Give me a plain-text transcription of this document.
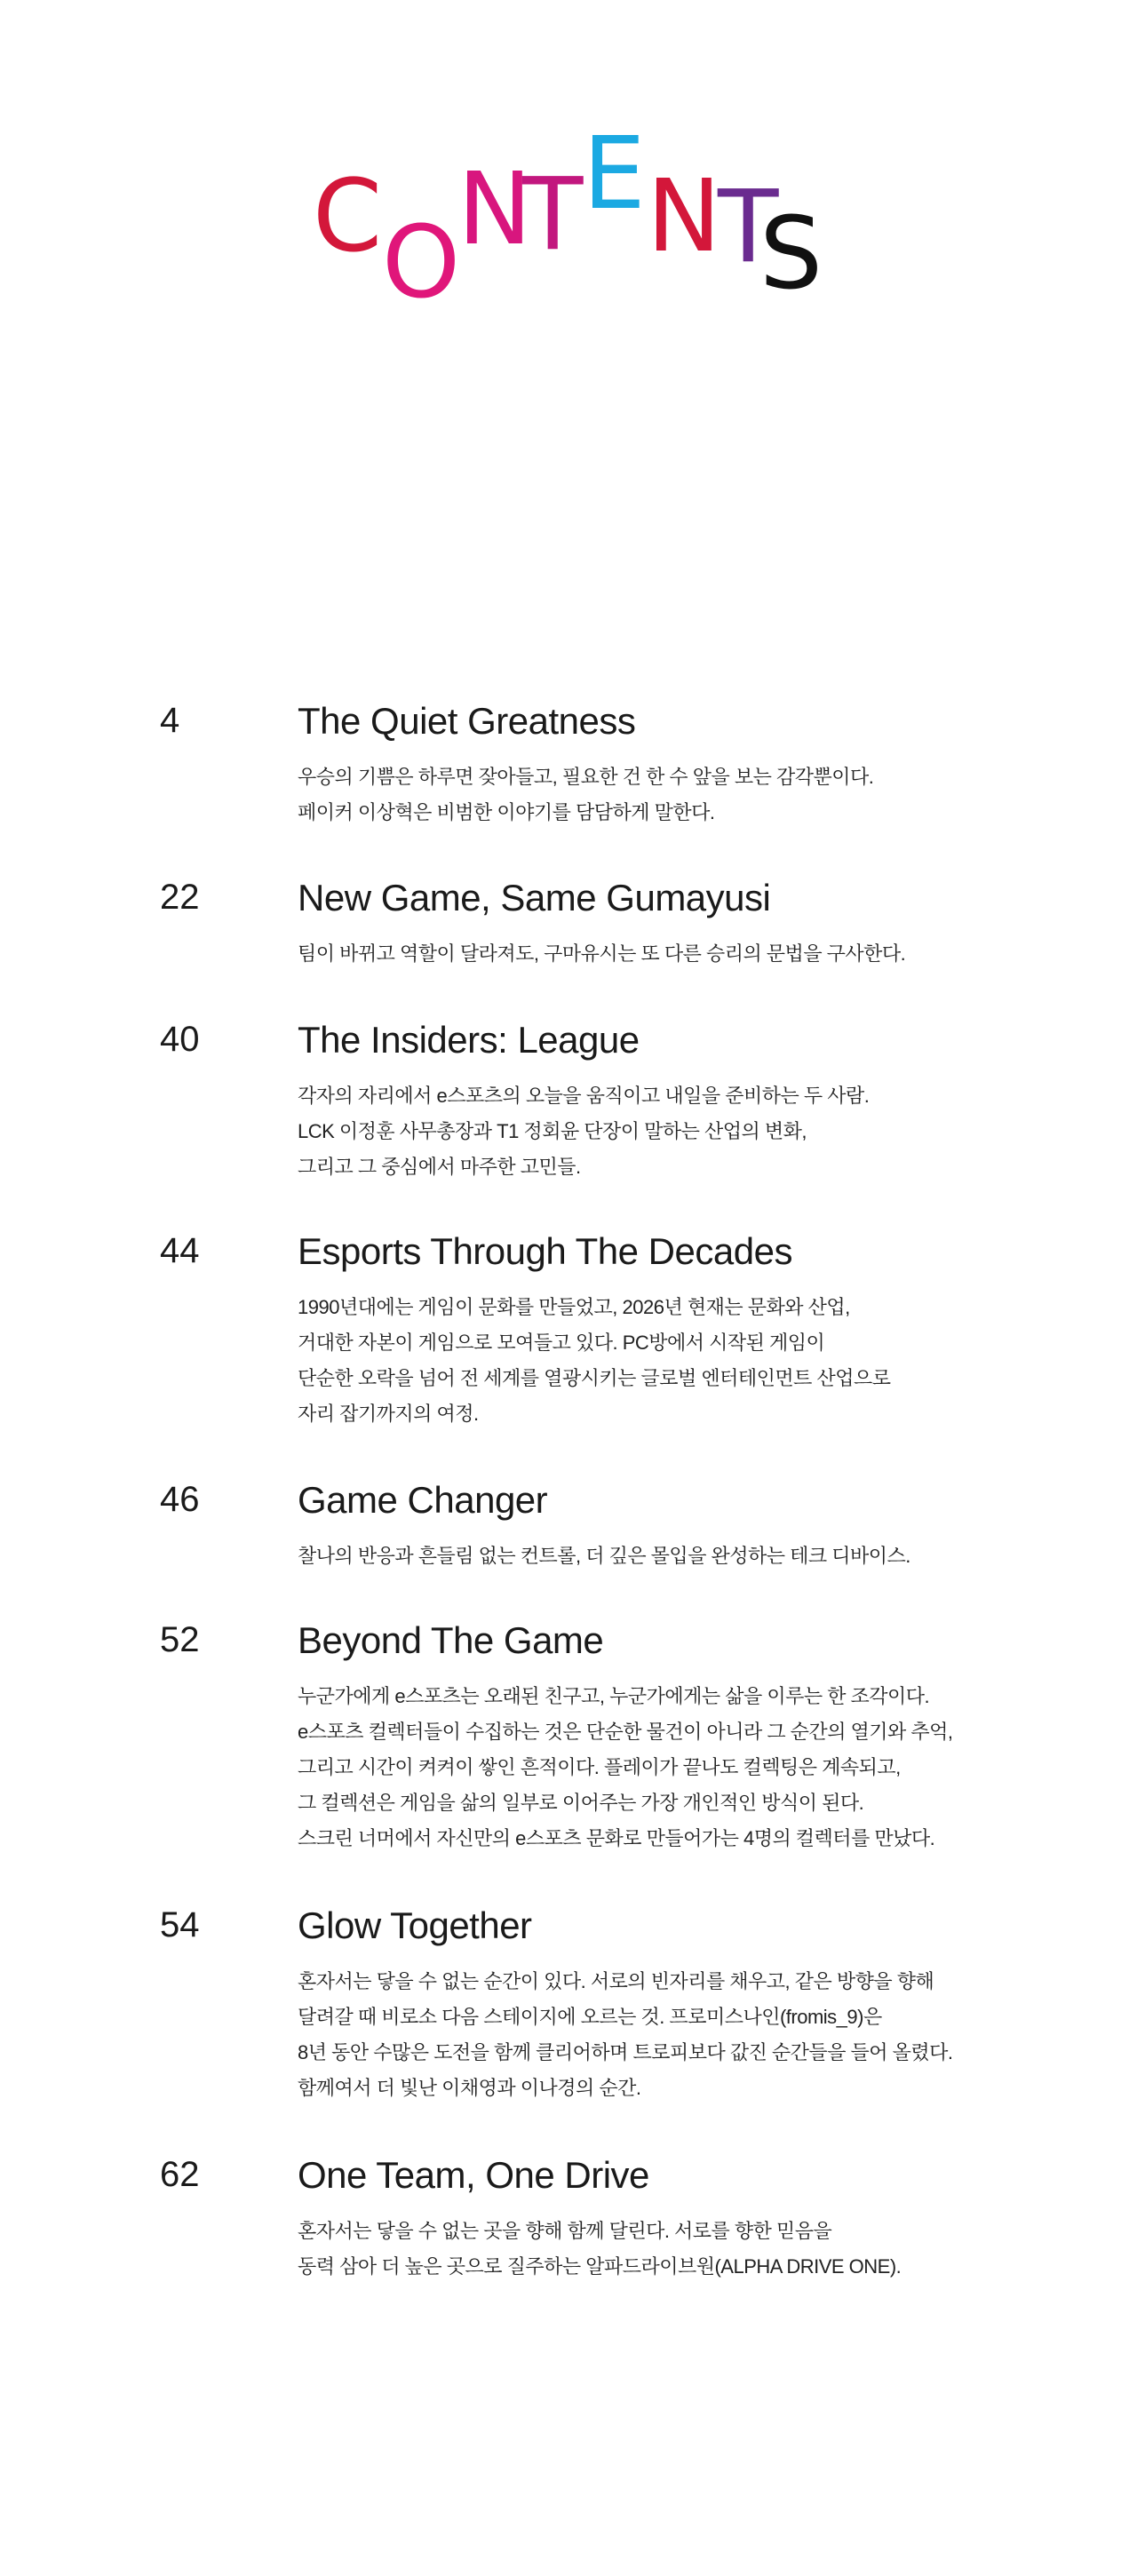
C O
N
T E N
T
S
4	The Quiet Greatness
우승의 기쁨은 하루면 잦아들고, 필요한 건 한 수 앞을 보는 감각뿐이다.
페이커 이상혁은 비범한 이야기를 담담하게 말한다.
22	New Game, Same Gumayusi
팀이 바뀌고 역할이 달라져도, 구마유시는 또 다른 승리의 문법을 구사한다.
40	The Insiders: League
각자의 자리에서 e스포츠의 오늘을 움직이고 내일을 준비하는 두 사람.
LCK 이정훈 사무총장과 T1 정회윤 단장이 말하는 산업의 변화,
그리고 그 중심에서 마주한 고민들.
44	Esports Through The Decades
1990년대에는 게임이 문화를 만들었고, 2026년 현재는 문화와 산업,
거대한 자본이 게임으로 모여들고 있다. PC방에서 시작된 게임이
단순한 오락을 넘어 전 세계를 열광시키는 글로벌 엔터테인먼트 산업으로
자리 잡기까지의 여정.
46	Game Changer
찰나의 반응과 흔들림 없는 컨트롤, 더 깊은 몰입을 완성하는 테크 디바이스.
52	Beyond The Game
누군가에게 e스포츠는 오래된 친구고, 누군가에게는 삶을 이루는 한 조각이다.
e스포츠 컬렉터들이 수집하는 것은 단순한 물건이 아니라 그 순간의 열기와 추억,
그리고 시간이 켜켜이 쌓인 흔적이다. 플레이가 끝나도 컬렉팅은 계속되고,
그 컬렉션은 게임을 삶의 일부로 이어주는 가장 개인적인 방식이 된다.
스크린 너머에서 자신만의 e스포츠 문화로 만들어가는 4명의 컬렉터를 만났다.
54	Glow Together
혼자서는 닿을 수 없는 순간이 있다. 서로의 빈자리를 채우고, 같은 방향을 향해
달려갈 때 비로소 다음 스테이지에 오르는 것. 프로미스나인(fromis_9)은
8년 동안 수많은 도전을 함께 클리어하며 트로피보다 값진 순간들을 들어 올렸다.
함께여서 더 빛난 이채영과 이나경의 순간.
62	One Team, One Drive
혼자서는 닿을 수 없는 곳을 향해 함께 달린다. 서로를 향한 믿음을
동력 삼아 더 높은 곳으로 질주하는 알파드라이브원(ALPHA DRIVE ONE).
